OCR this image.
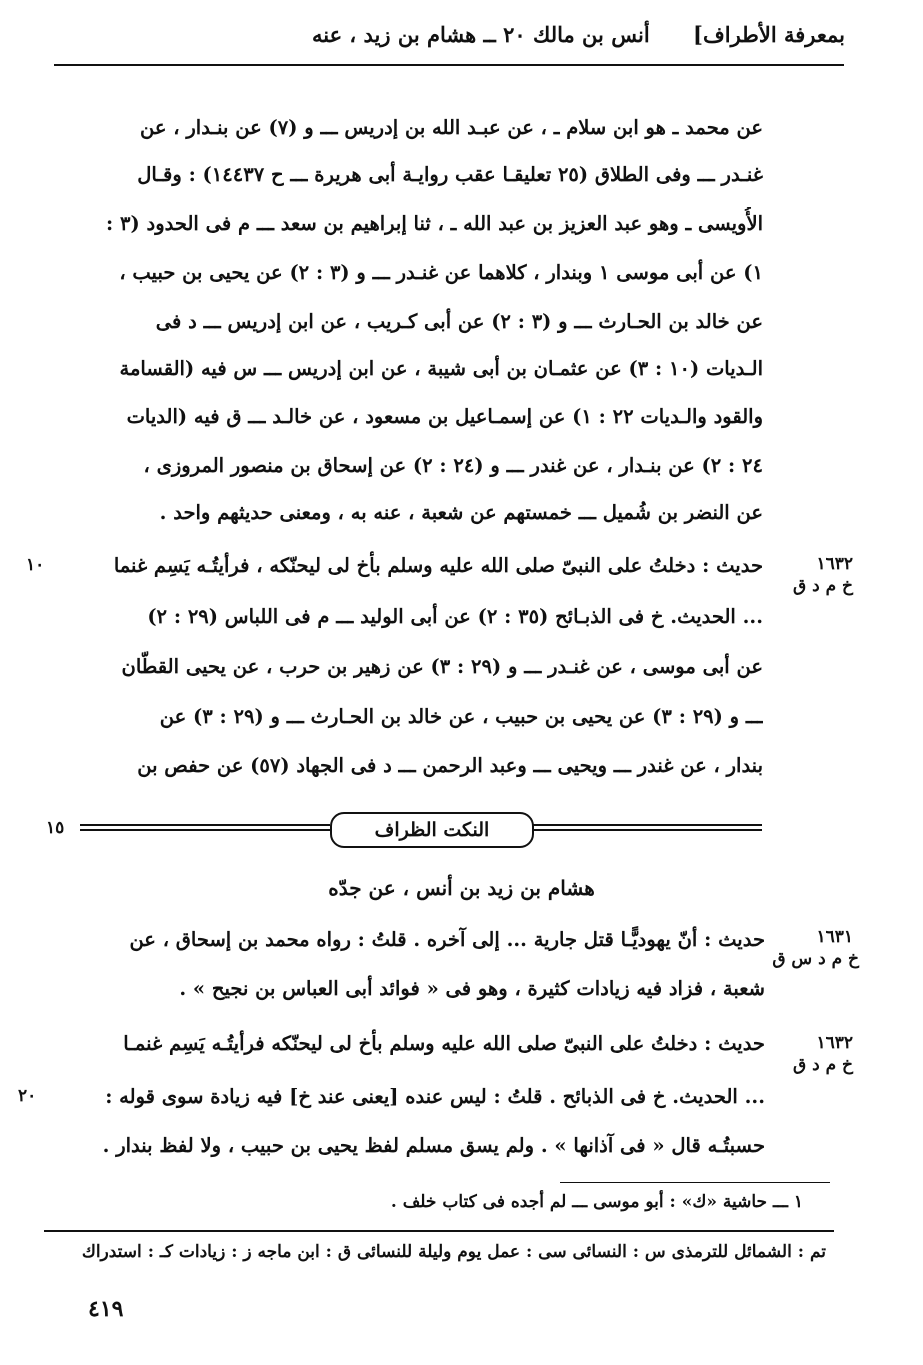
بمعرفة الأطراف]
أنس بن مالك ٢٠ ــ هشام بن زيد ، عنه
عن محمد ـ هو ابن سلام ـ ، عن عبـد الله بن إدريس ـــ و (٧) عن بنـدار ، عن
غنـدر ـــ وفى الطلاق (٢٥ تعليقـا عقب روايـة أبى هريرة ـــ ح ١٤٤٣٧) : وقـال
الأُويسى ـ وهو عبد العزيز بن عبد الله ـ ، ثنا إبراهيم بن سعد ـــ م فى الحدود (٣ :
١) عن أبى موسى ١ وبندار ، كلاهما عن غنـدر ـــ و (٣ : ٢) عن يحيى بن حبيب ،
عن خالد بن الحـارث ـــ و (٣ : ٢) عن أبى كـريب ، عن ابن إدريس ـــ د فى
الـديات (١٠ : ٣) عن عثمـان بن أبى شيبة ، عن ابن إدريس ـــ س فيه (القسامة
والقود والـديات ٢٢ : ١) عن إسمـاعيل بن مسعود ، عن خالـد ـــ ق فيه (الديات
٢٤ : ٢) عن بنـدار ، عن غندر ـــ و (٢٤ : ٢) عن إسحاق بن منصور المروزى ،
عن النضر بن شُميل ـــ خمستهم عن شعبة ، عنه به ، ومعنى حديثهم واحد .
١٦٣٢
خ م د ق
١٠	حديث : دخلتُ على النبىّ صلى الله عليه وسلم بأخ لى ليحنّكه ، فرأيتُـه يَسِم غنما
... الحديث. خ فى الذبـائح (٣٥ : ٢) عن أبى الوليد ـــ م فى اللباس (٢٩ : ٢)
عن أبى موسى ، عن غنـدر ـــ و (٢٩ : ٣) عن زهير بن حرب ، عن يحيى القطّان
ـــ و (٢٩ : ٣) عن يحيى بن حبيب ، عن خالد بن الحـارث ـــ و (٢٩ : ٣) عن
بندار ، عن غندر ـــ ويحيى ـــ وعبد الرحمن ـــ د فى الجهاد (٥٧) عن حفص بن
١٥	النكت الظراف
هشام بن زيد بن أنس ، عن جدّه
١٦٣١
خ م د س ق
حديث : أنّ يهوديًّـا قتل جارية ... إلى آخره . قلتُ : رواه محمد بن إسحاق ، عن
شعبة ، فزاد فيه زيادات كثيرة ، وهو فى « فوائد أبى العباس بن نجيح » .
١٦٣٢
خ م د ق
٢٠
حديث : دخلتُ على النبىّ صلى الله عليه وسلم بأخ لى ليحنّكه فرأيتُـه يَسِم غنمـا
... الحديث. خ فى الذبائح . قلتُ : ليس عنده [يعنى عند خ] فيه زيادة سوى قوله :
حسبتُـه قال « فى آذانها » . ولم يسق مسلم لفظ يحيى بن حبيب ، ولا لفظ بندار .
١ ـــ حاشية «ك» : أبو موسى ـــ لم أجده فى كتاب خلف .
تم : الشمائل للترمذى س : النسائى سى : عمل يوم وليلة للنسائى ق : ابن ماجه ز : زيادات كـ : استدراك
٤١٩
